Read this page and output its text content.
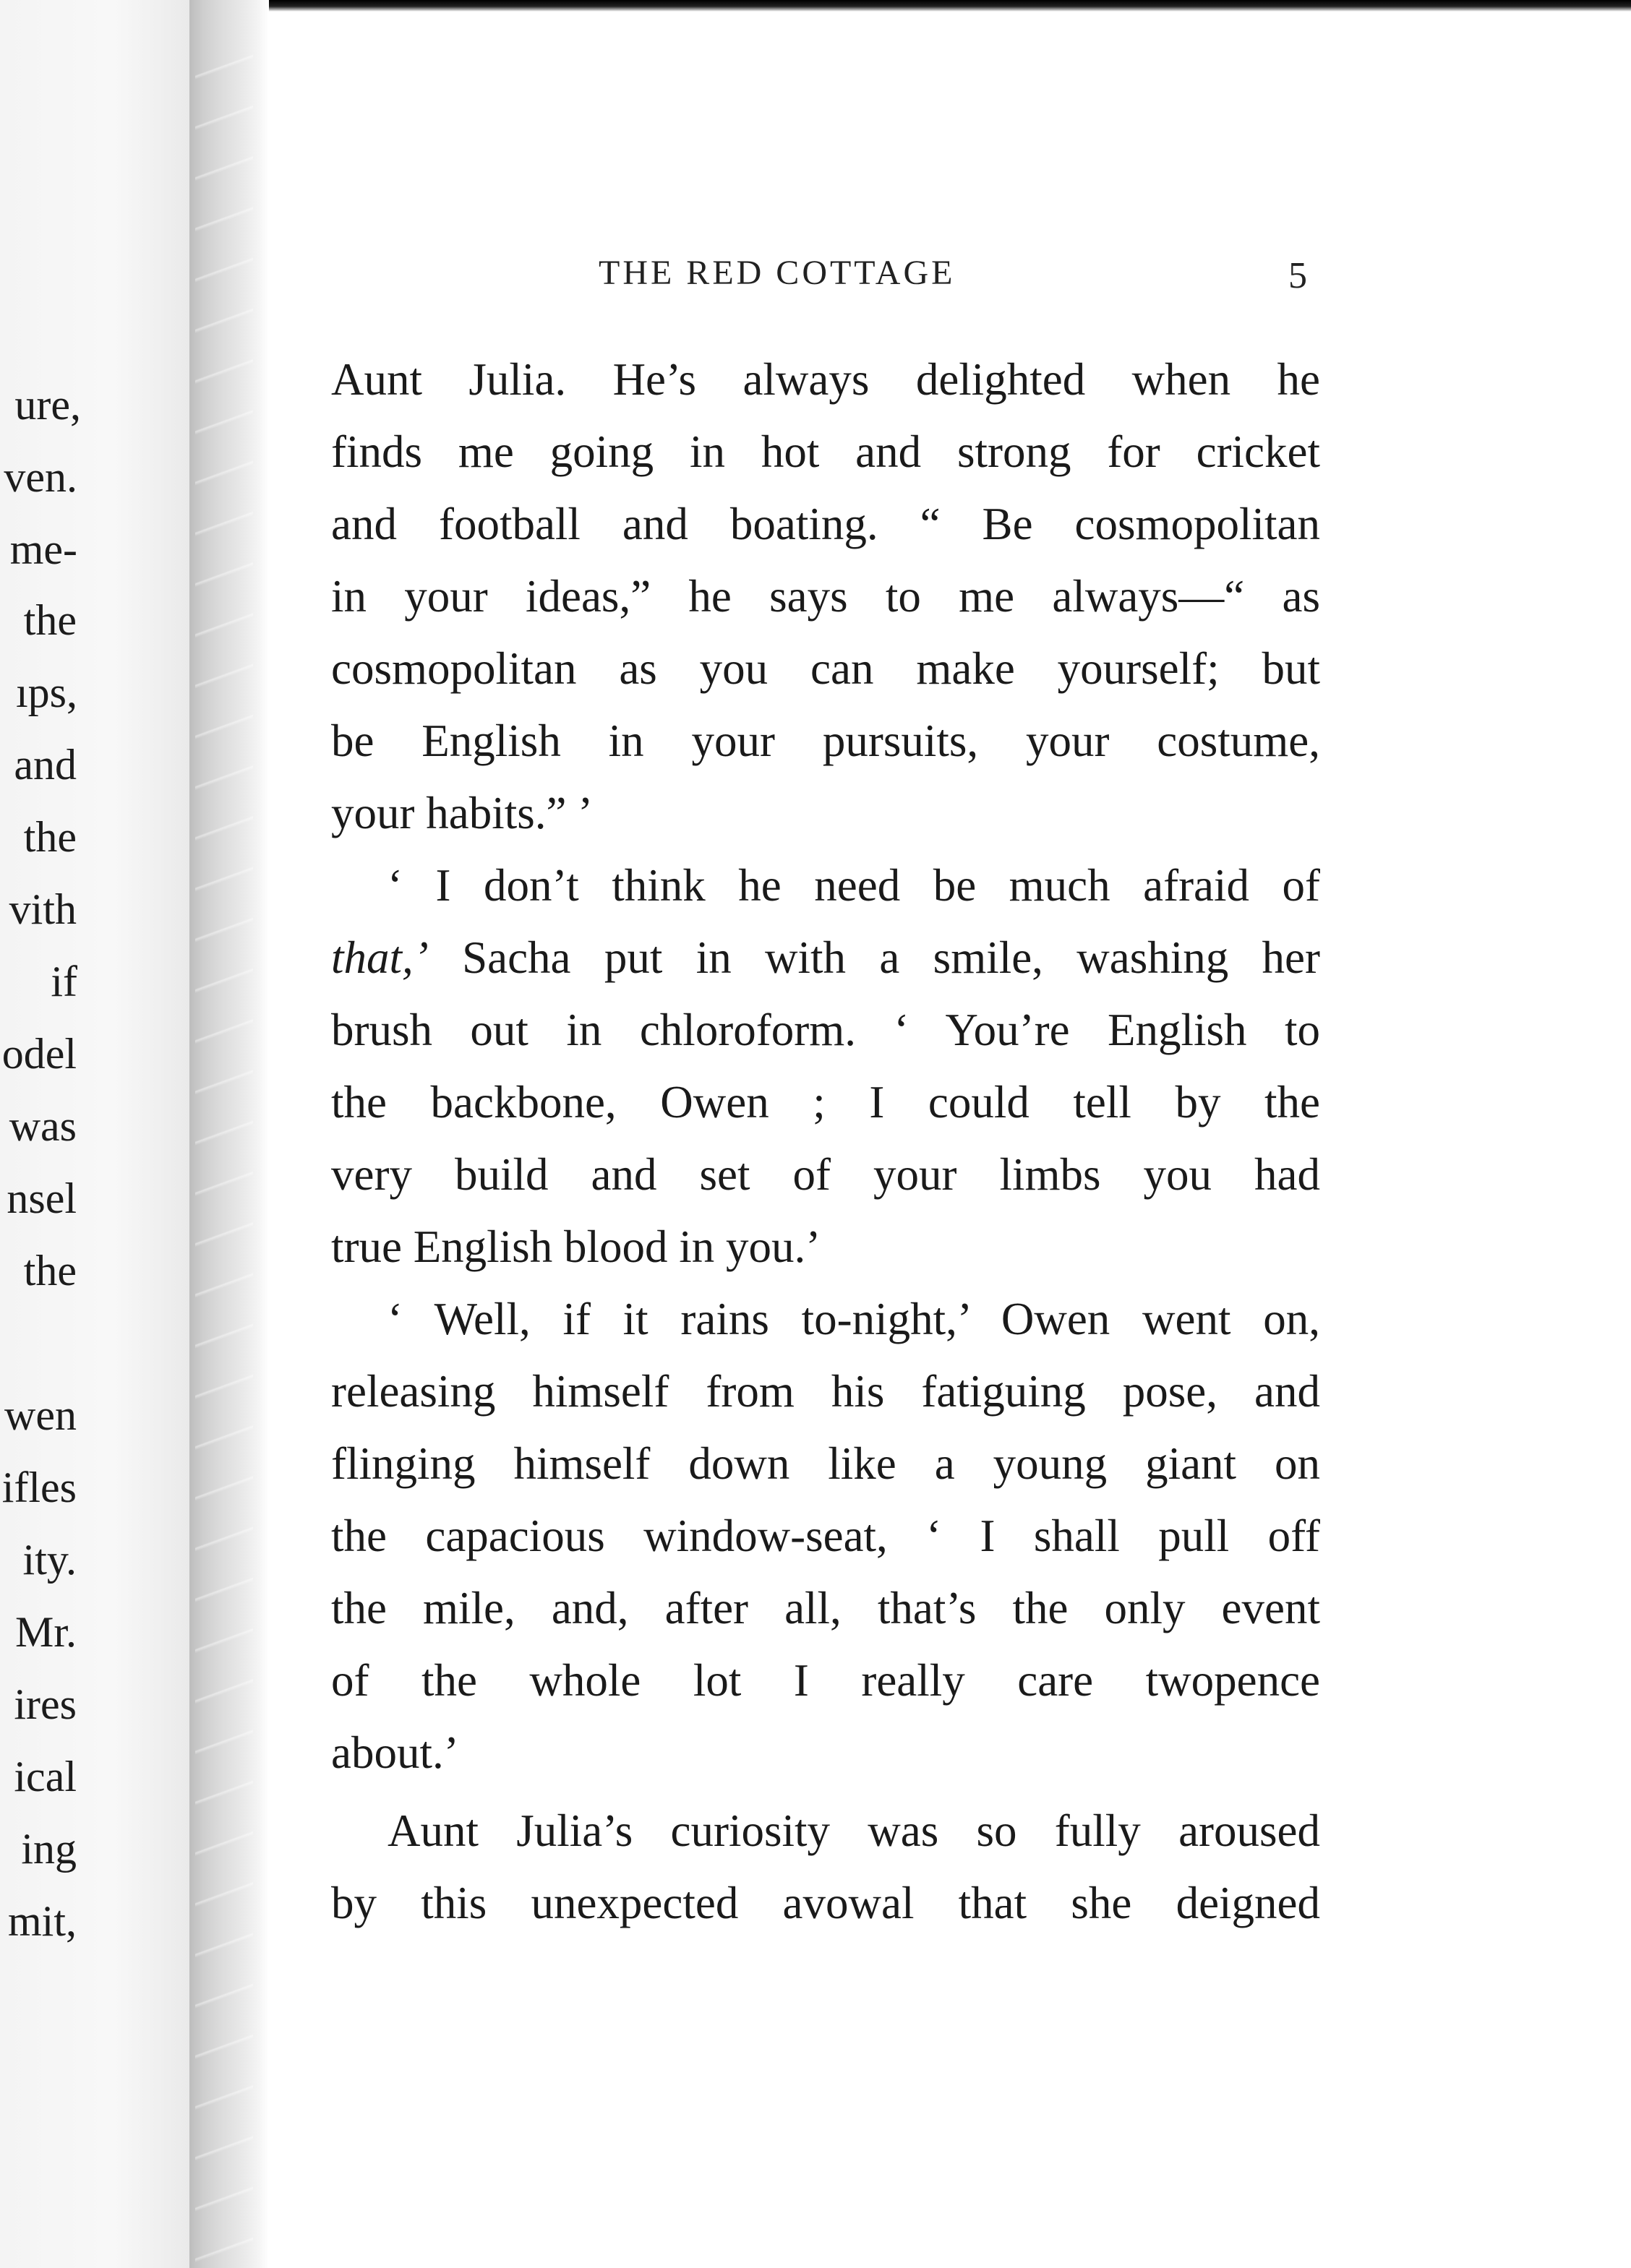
ure,
ven.
me-
the
ıps,
and
the
vith
if
odel
was
nsel
the
wen
ifles
ity.
Mr.
ires
ical
ing
mit,
THE RED COTTAGE	5
Aunt Julia. He’s always delighted when he
finds me going in hot and strong for cricket
and football and boating. “ Be cosmopolitan
in your ideas,” he says to me always—“ as
cosmopolitan as you can make yourself; but
be English in your pursuits, your costume,
your habits.” ’
‘ I don’t think he need be much afraid of
that,’ Sacha put in with a smile, washing her
brush out in chloroform. ‘ You’re English to
the backbone, Owen ; I could tell by the
very build and set of your limbs you had
true English blood in you.’
‘ Well, if it rains to-night,’ Owen went on,
releasing himself from his fatiguing pose, and
flinging himself down like a young giant on
the capacious window-seat, ‘ I shall pull off
the mile, and, after all, that’s the only event
of the whole lot I really care twopence
about.’
Aunt Julia’s curiosity was so fully aroused
by this unexpected avowal that she deigned
